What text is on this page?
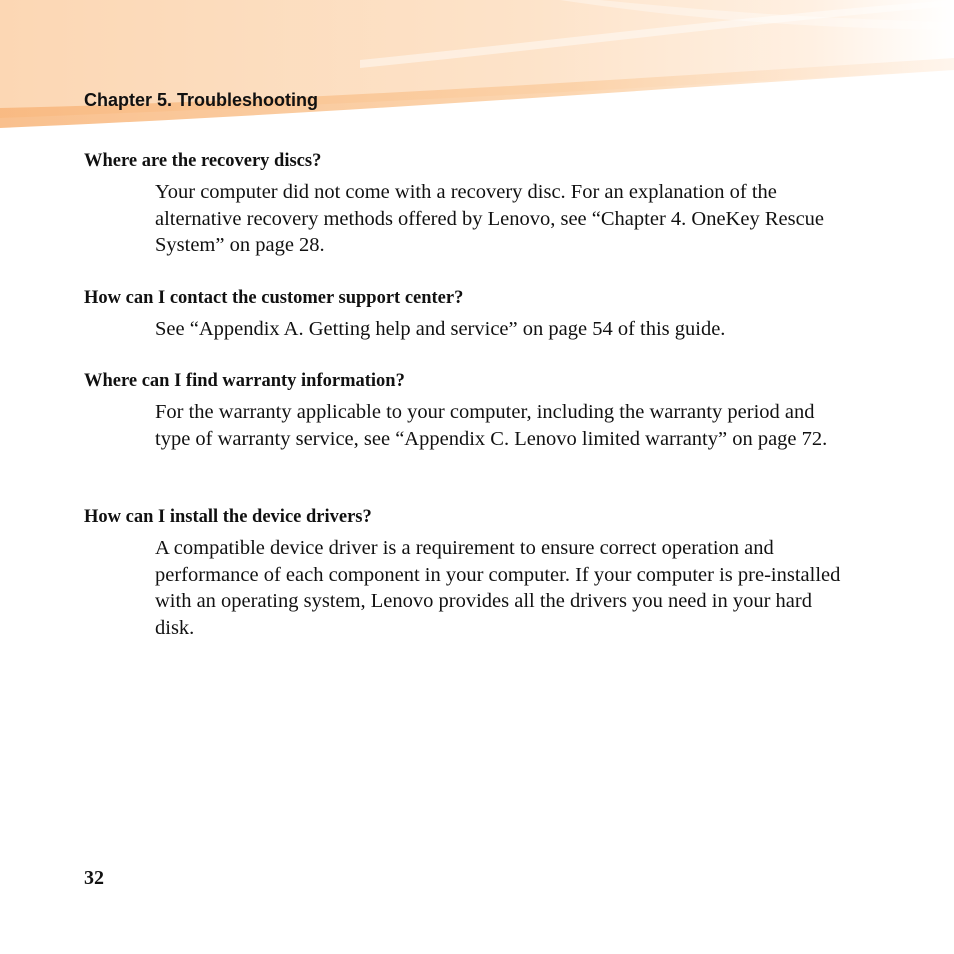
Chapter 5. Troubleshooting
Where are the recovery discs?

Your computer did not come with a recovery disc. For an explanation of the alternative recovery methods offered by Lenovo, see “Chapter 4. OneKey Rescue System” on page 28.

How can I contact the customer support center?

See “Appendix A. Getting help and service” on page 54 of this guide.

Where can I find warranty information?

For the warranty applicable to your computer, including the warranty period and type of warranty service, see “Appendix C. Lenovo limited warranty” on page 72.

How can I install the device drivers?

A compatible device driver is a requirement to ensure correct operation and performance of each component in your computer. If your computer is pre-installed with an operating system, Lenovo provides all the drivers you need in your hard disk.

32
